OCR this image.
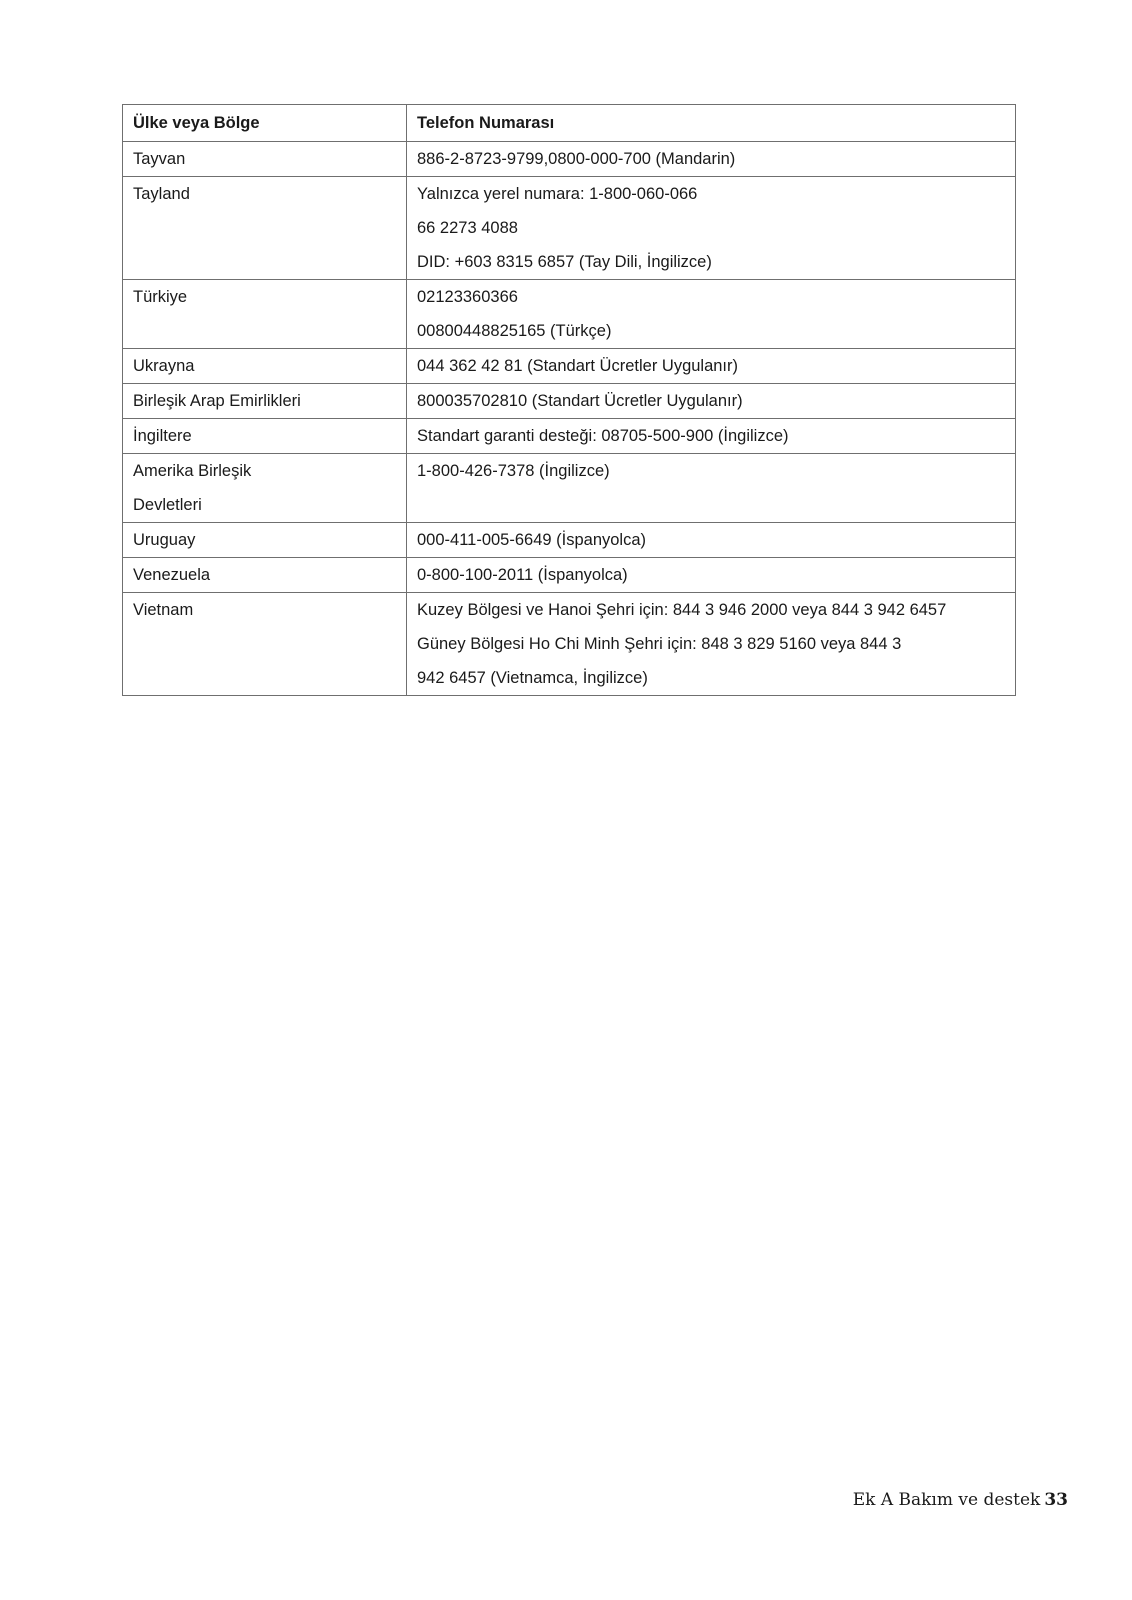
Ülke veya Bölge	Telefon Numarası

Tayvan	886-2-8723-9799,0800-000-700 (Mandarin)

Tayland	Yalnızca yerel numara: 1-800-060-066
66 2273 4088
DID: +603 8315 6857 (Tay Dili, İngilizce)

Türkiye	02123360366
00800448825165 (Türkçe)

Ukrayna	044 362 42 81 (Standart Ücretler Uygulanır)

Birleşik Arap Emirlikleri	800035702810 (Standart Ücretler Uygulanır)

İngiltere	Standart garanti desteği: 08705-500-900 (İngilizce)

Amerika Birleşik
Devletleri	1-800-426-7378 (İngilizce)

Uruguay	000-411-005-6649 (İspanyolca)

Venezuela	0-800-100-2011 (İspanyolca)

Vietnam	Kuzey Bölgesi ve Hanoi Şehri için: 844 3 946 2000 veya 844 3 942 6457
Güney Bölgesi Ho Chi Minh Şehri için: 848 3 829 5160 veya 844 3
942 6457 (Vietnamca, İngilizce)
Ek A Bakım ve destek 33
